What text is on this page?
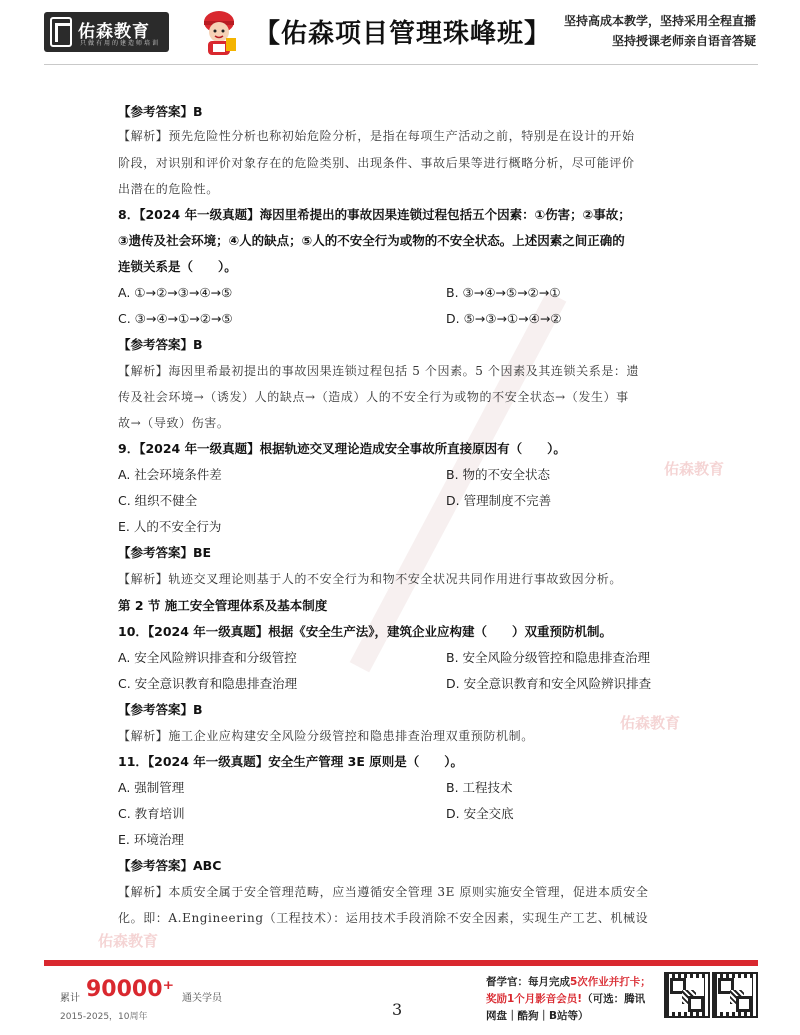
佑森教育
只做有用的建造师培训	【佑森项目管理珠峰班】 坚持高成本教学，坚持采用全程直播
坚持授课老师亲自语音答疑
佑森教育
佑森教育
佑森教育
【参考答案】B
【解析】预先危险性分析也称初始危险分析，是指在每项生产活动之前，特别是在设计的开始
阶段，对识别和评价对象存在的危险类别、出现条件、事故后果等进行概略分析，尽可能评价
出潜在的危险性。
8．【2024 年一级真题】海因里希提出的事故因果连锁过程包括五个因素：①伤害；②事故；
③遗传及社会环境；④人的缺点；⑤人的不安全行为或物的不安全状态。上述因素之间正确的
连锁关系是（　　）。
A. ①→②→③→④→⑤	B. ③→④→⑤→②→①
C. ③→④→①→②→⑤	D. ⑤→③→①→④→②
【参考答案】B
【解析】海因里希最初提出的事故因果连锁过程包括 5 个因素。5 个因素及其连锁关系是：遗
传及社会环境→（诱发）人的缺点→（造成）人的不安全行为或物的不安全状态→（发生）事
故→（导致）伤害。
9．【2024 年一级真题】根据轨迹交叉理论造成安全事故所直接原因有（　　）。
A. 社会环境条件差	B. 物的不安全状态
C. 组织不健全	D. 管理制度不完善
E. 人的不安全行为
【参考答案】BE
【解析】轨迹交叉理论则基于人的不安全行为和物不安全状况共同作用进行事故致因分析。
第 2 节 施工安全管理体系及基本制度
10．【2024 年一级真题】根据《安全生产法》，建筑企业应构建（　　）双重预防机制。
A. 安全风险辨识排查和分级管控	B. 安全风险分级管控和隐患排查治理
C. 安全意识教育和隐患排查治理	D. 安全意识教育和安全风险辨识排查
【参考答案】B
【解析】施工企业应构建安全风险分级管控和隐患排查治理双重预防机制。
11．【2024 年一级真题】安全生产管理 3E 原则是（　　）。
A. 强制管理	B. 工程技术
C. 教育培训	D. 安全交底
E. 环境治理
【参考答案】ABC
【解析】本质安全属于安全管理范畴，应当遵循安全管理 3E 原则实施安全管理，促进本质安全
化。即：A.Engineering（工程技术）：运用技术手段消除不安全因素，实现生产工艺、机械设
累计 90000⁺ 通关学员
2015-2025，10周年	3
督学官：每月完成5次作业并打卡；
奖励1个月影音会员!（可选：腾讯
网盘｜酷狗｜B站等）
